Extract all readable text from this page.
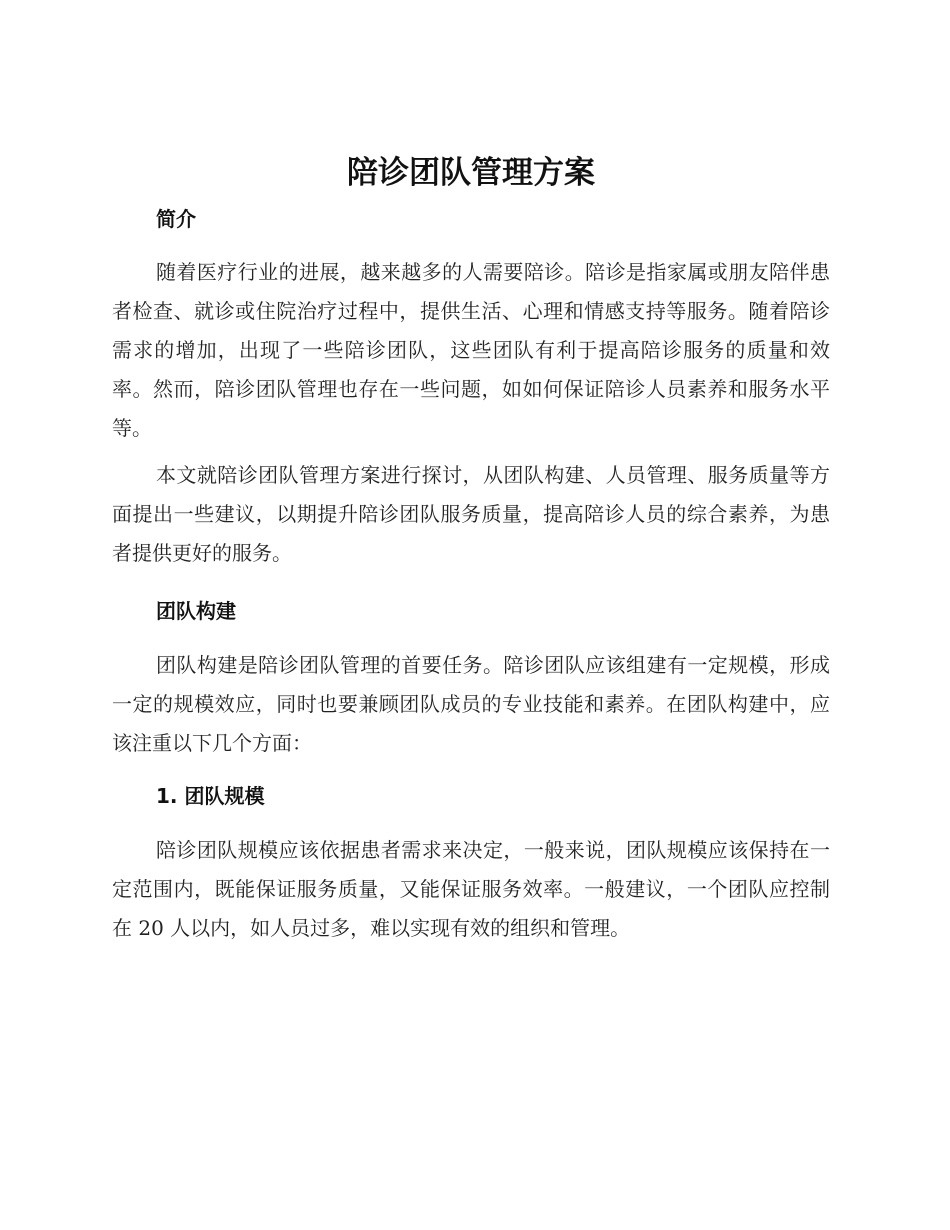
陪诊团队管理方案
简介

随着医疗行业的进展，越来越多的人需要陪诊。陪诊是指家属或朋友陪伴患者检查、就诊或住院治疗过程中，提供生活、心理和情感支持等服务。随着陪诊需求的增加，出现了一些陪诊团队，这些团队有利于提高陪诊服务的质量和效率。然而，陪诊团队管理也存在一些问题，如如何保证陪诊人员素养和服务水平等。

本文就陪诊团队管理方案进行探讨，从团队构建、人员管理、服务质量等方面提出一些建议，以期提升陪诊团队服务质量，提高陪诊人员的综合素养，为患者提供更好的服务。

团队构建

团队构建是陪诊团队管理的首要任务。陪诊团队应该组建有一定规模，形成一定的规模效应，同时也要兼顾团队成员的专业技能和素养。在团队构建中，应该注重以下几个方面：

1. 团队规模

陪诊团队规模应该依据患者需求来决定，一般来说，团队规模应该保持在一定范围内，既能保证服务质量，又能保证服务效率。一般建议，一个团队应控制在 20 人以内，如人员过多，难以实现有效的组织和管理。
